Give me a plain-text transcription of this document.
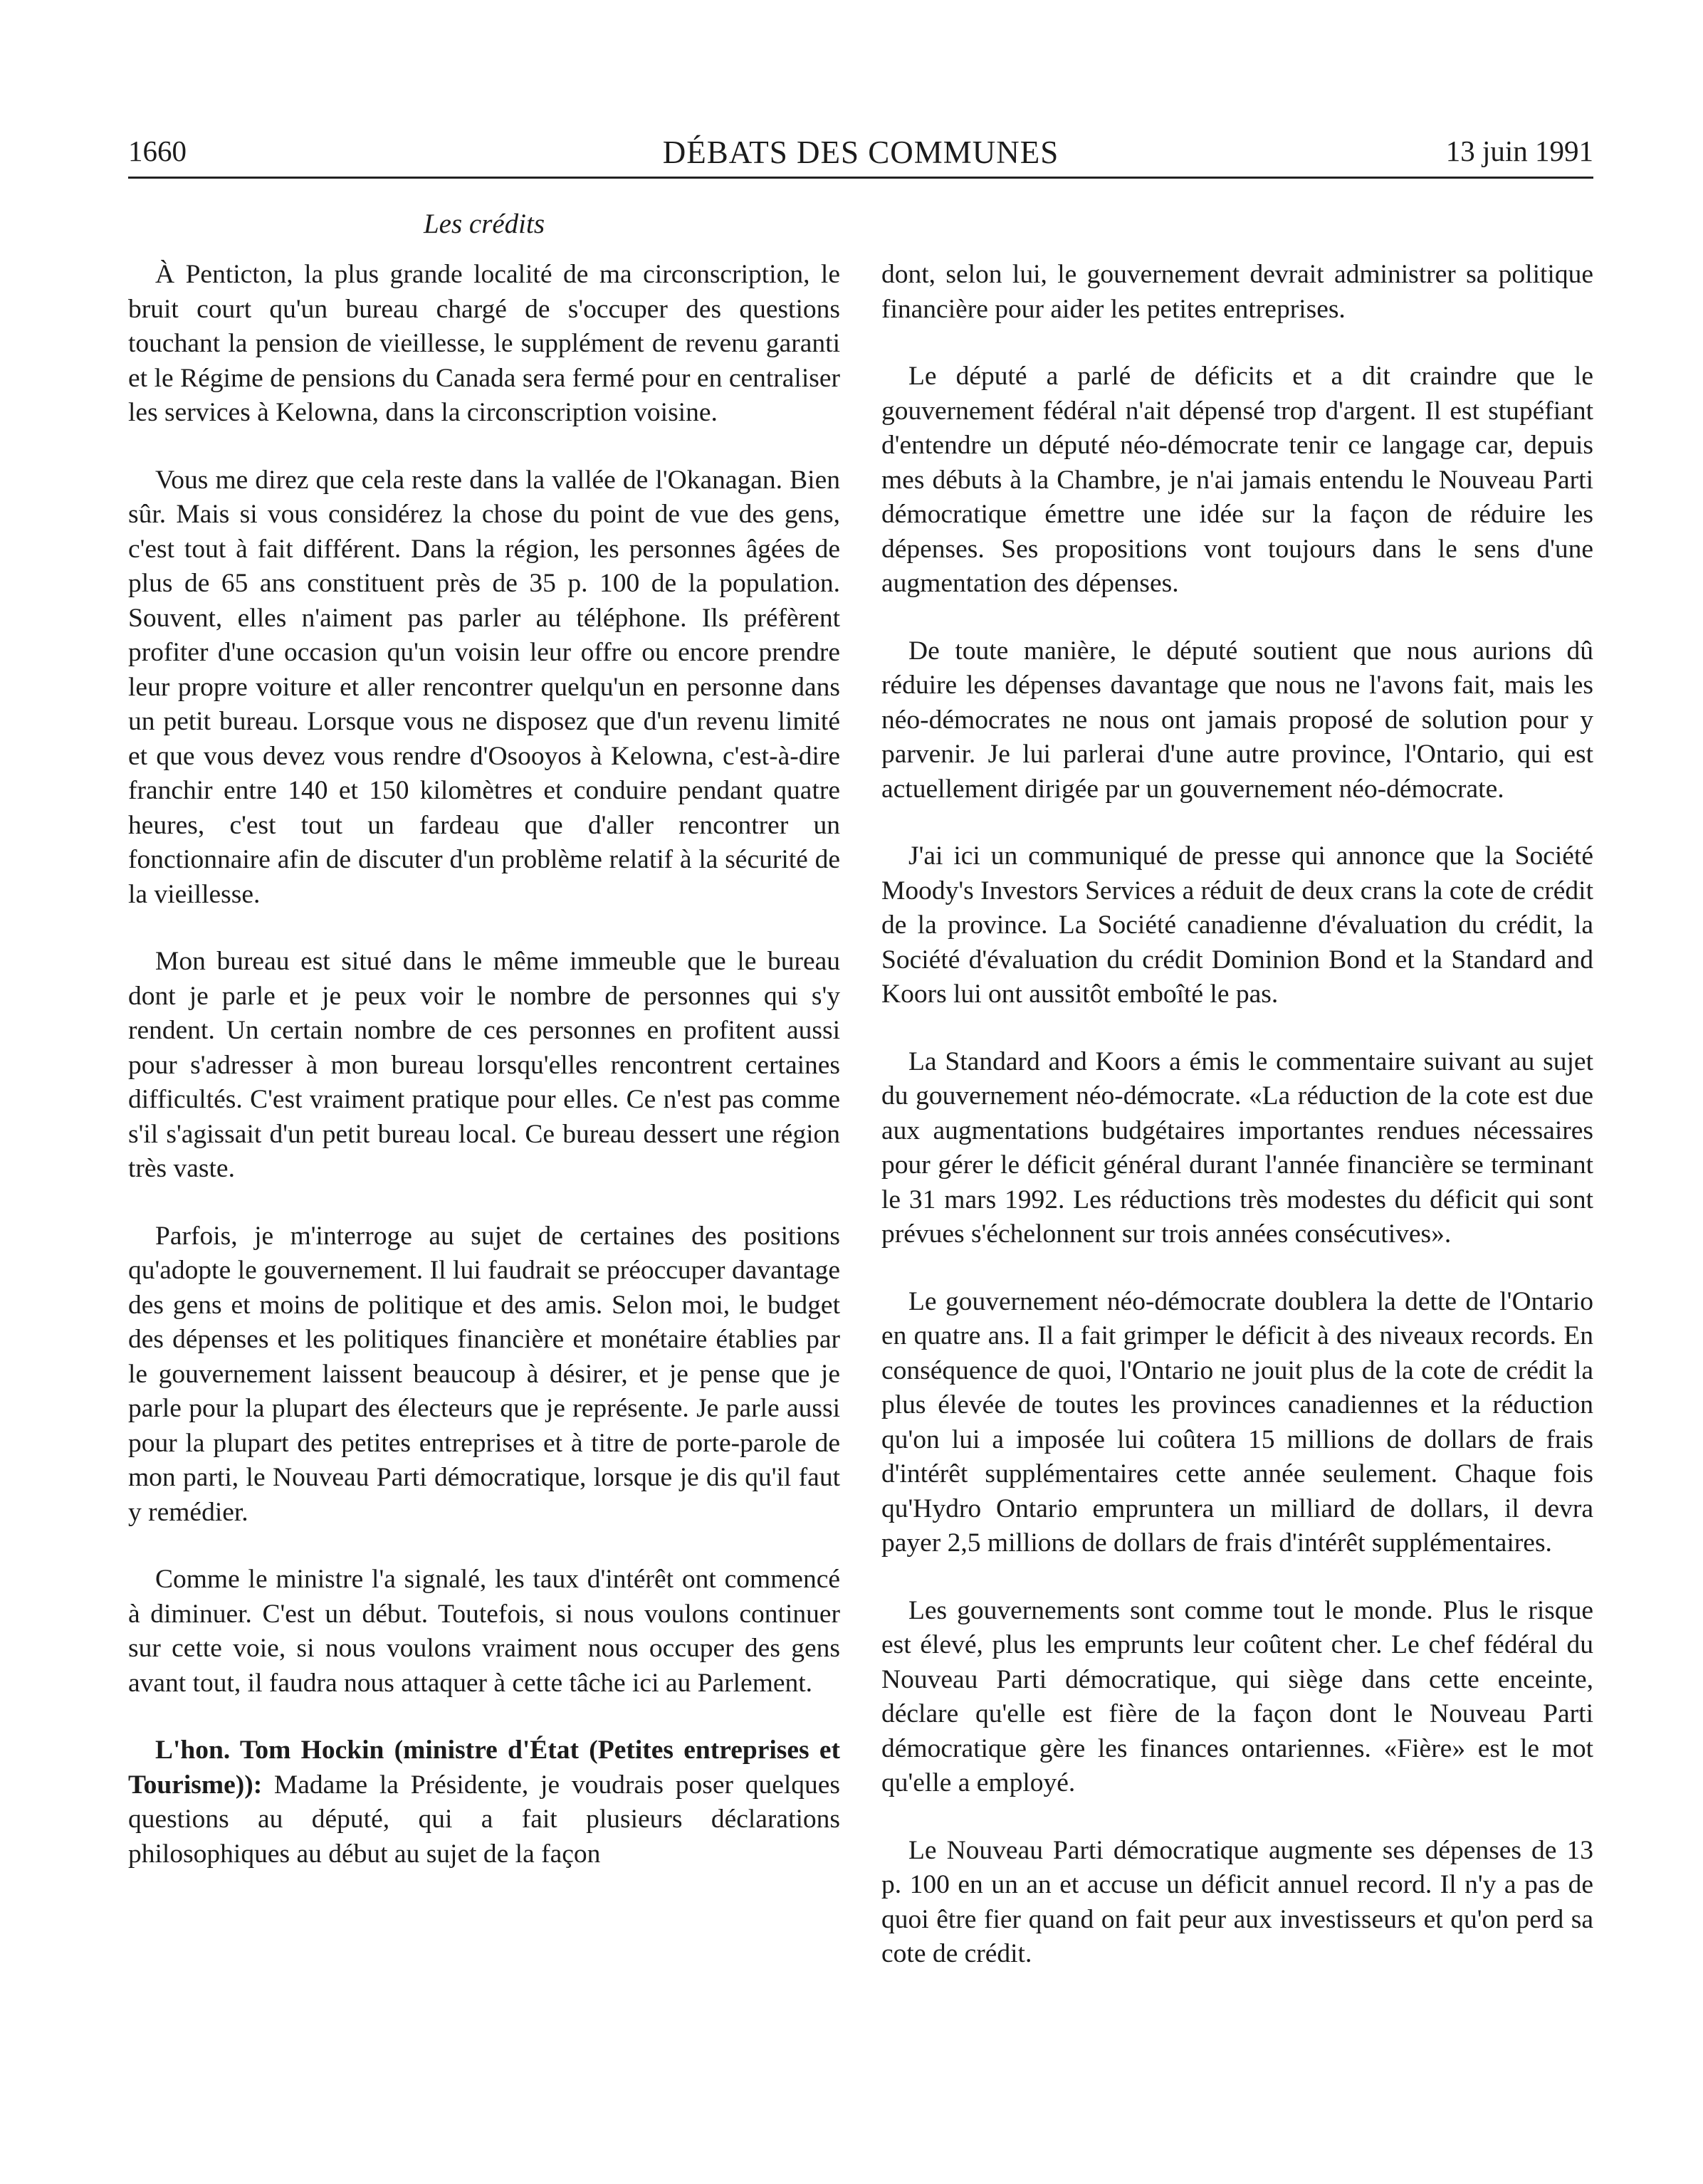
1660	DÉBATS DES COMMUNES	13 juin 1991
Les crédits

À Penticton, la plus grande localité de ma circonscription, le bruit court qu'un bureau chargé de s'occuper des questions touchant la pension de vieillesse, le supplément de revenu garanti et le Régime de pensions du Canada sera fermé pour en centraliser les services à Kelowna, dans la circonscription voisine.

Vous me direz que cela reste dans la vallée de l'Okanagan. Bien sûr. Mais si vous considérez la chose du point de vue des gens, c'est tout à fait différent. Dans la région, les personnes âgées de plus de 65 ans constituent près de 35 p. 100 de la population. Souvent, elles n'aiment pas parler au téléphone. Ils préfèrent profiter d'une occasion qu'un voisin leur offre ou encore prendre leur propre voiture et aller rencontrer quelqu'un en personne dans un petit bureau. Lorsque vous ne disposez que d'un revenu limité et que vous devez vous rendre d'Osooyos à Kelowna, c'est-à-dire franchir entre 140 et 150 kilomètres et conduire pendant quatre heures, c'est tout un fardeau que d'aller rencontrer un fonctionnaire afin de discuter d'un problème relatif à la sécurité de la vieillesse.

Mon bureau est situé dans le même immeuble que le bureau dont je parle et je peux voir le nombre de personnes qui s'y rendent. Un certain nombre de ces personnes en profitent aussi pour s'adresser à mon bureau lorsqu'elles rencontrent certaines difficultés. C'est vraiment pratique pour elles. Ce n'est pas comme s'il s'agissait d'un petit bureau local. Ce bureau dessert une région très vaste.

Parfois, je m'interroge au sujet de certaines des positions qu'adopte le gouvernement. Il lui faudrait se préoccuper davantage des gens et moins de politique et des amis. Selon moi, le budget des dépenses et les politiques financière et monétaire établies par le gouvernement laissent beaucoup à désirer, et je pense que je parle pour la plupart des électeurs que je représente. Je parle aussi pour la plupart des petites entreprises et à titre de porte-parole de mon parti, le Nouveau Parti démocratique, lorsque je dis qu'il faut y remédier.

Comme le ministre l'a signalé, les taux d'intérêt ont commencé à diminuer. C'est un début. Toutefois, si nous voulons continuer sur cette voie, si nous voulons vraiment nous occuper des gens avant tout, il faudra nous attaquer à cette tâche ici au Parlement.

L'hon. Tom Hockin (ministre d'État (Petites entreprises et Tourisme)): Madame la Présidente, je voudrais poser quelques questions au député, qui a fait plusieurs déclarations philosophiques au début au sujet de la façon

dont, selon lui, le gouvernement devrait administrer sa politique financière pour aider les petites entreprises.

Le député a parlé de déficits et a dit craindre que le gouvernement fédéral n'ait dépensé trop d'argent. Il est stupéfiant d'entendre un député néo-démocrate tenir ce langage car, depuis mes débuts à la Chambre, je n'ai jamais entendu le Nouveau Parti démocratique émettre une idée sur la façon de réduire les dépenses. Ses propositions vont toujours dans le sens d'une augmentation des dépenses.

De toute manière, le député soutient que nous aurions dû réduire les dépenses davantage que nous ne l'avons fait, mais les néo-démocrates ne nous ont jamais proposé de solution pour y parvenir. Je lui parlerai d'une autre province, l'Ontario, qui est actuellement dirigée par un gouvernement néo-démocrate.

J'ai ici un communiqué de presse qui annonce que la Société Moody's Investors Services a réduit de deux crans la cote de crédit de la province. La Société canadienne d'évaluation du crédit, la Société d'évaluation du crédit Dominion Bond et la Standard and Koors lui ont aussitôt emboîté le pas.

La Standard and Koors a émis le commentaire suivant au sujet du gouvernement néo-démocrate. «La réduction de la cote est due aux augmentations budgétaires importantes rendues nécessaires pour gérer le déficit général durant l'année financière se terminant le 31 mars 1992. Les réductions très modestes du déficit qui sont prévues s'échelonnent sur trois années consécutives».

Le gouvernement néo-démocrate doublera la dette de l'Ontario en quatre ans. Il a fait grimper le déficit à des niveaux records. En conséquence de quoi, l'Ontario ne jouit plus de la cote de crédit la plus élevée de toutes les provinces canadiennes et la réduction qu'on lui a imposée lui coûtera 15 millions de dollars de frais d'intérêt supplémentaires cette année seulement. Chaque fois qu'Hydro Ontario empruntera un milliard de dollars, il devra payer 2,5 millions de dollars de frais d'intérêt supplémentaires.

Les gouvernements sont comme tout le monde. Plus le risque est élevé, plus les emprunts leur coûtent cher. Le chef fédéral du Nouveau Parti démocratique, qui siège dans cette enceinte, déclare qu'elle est fière de la façon dont le Nouveau Parti démocratique gère les finances ontariennes. «Fière» est le mot qu'elle a employé.

Le Nouveau Parti démocratique augmente ses dépenses de 13 p. 100 en un an et accuse un déficit annuel record. Il n'y a pas de quoi être fier quand on fait peur aux investisseurs et qu'on perd sa cote de crédit.
